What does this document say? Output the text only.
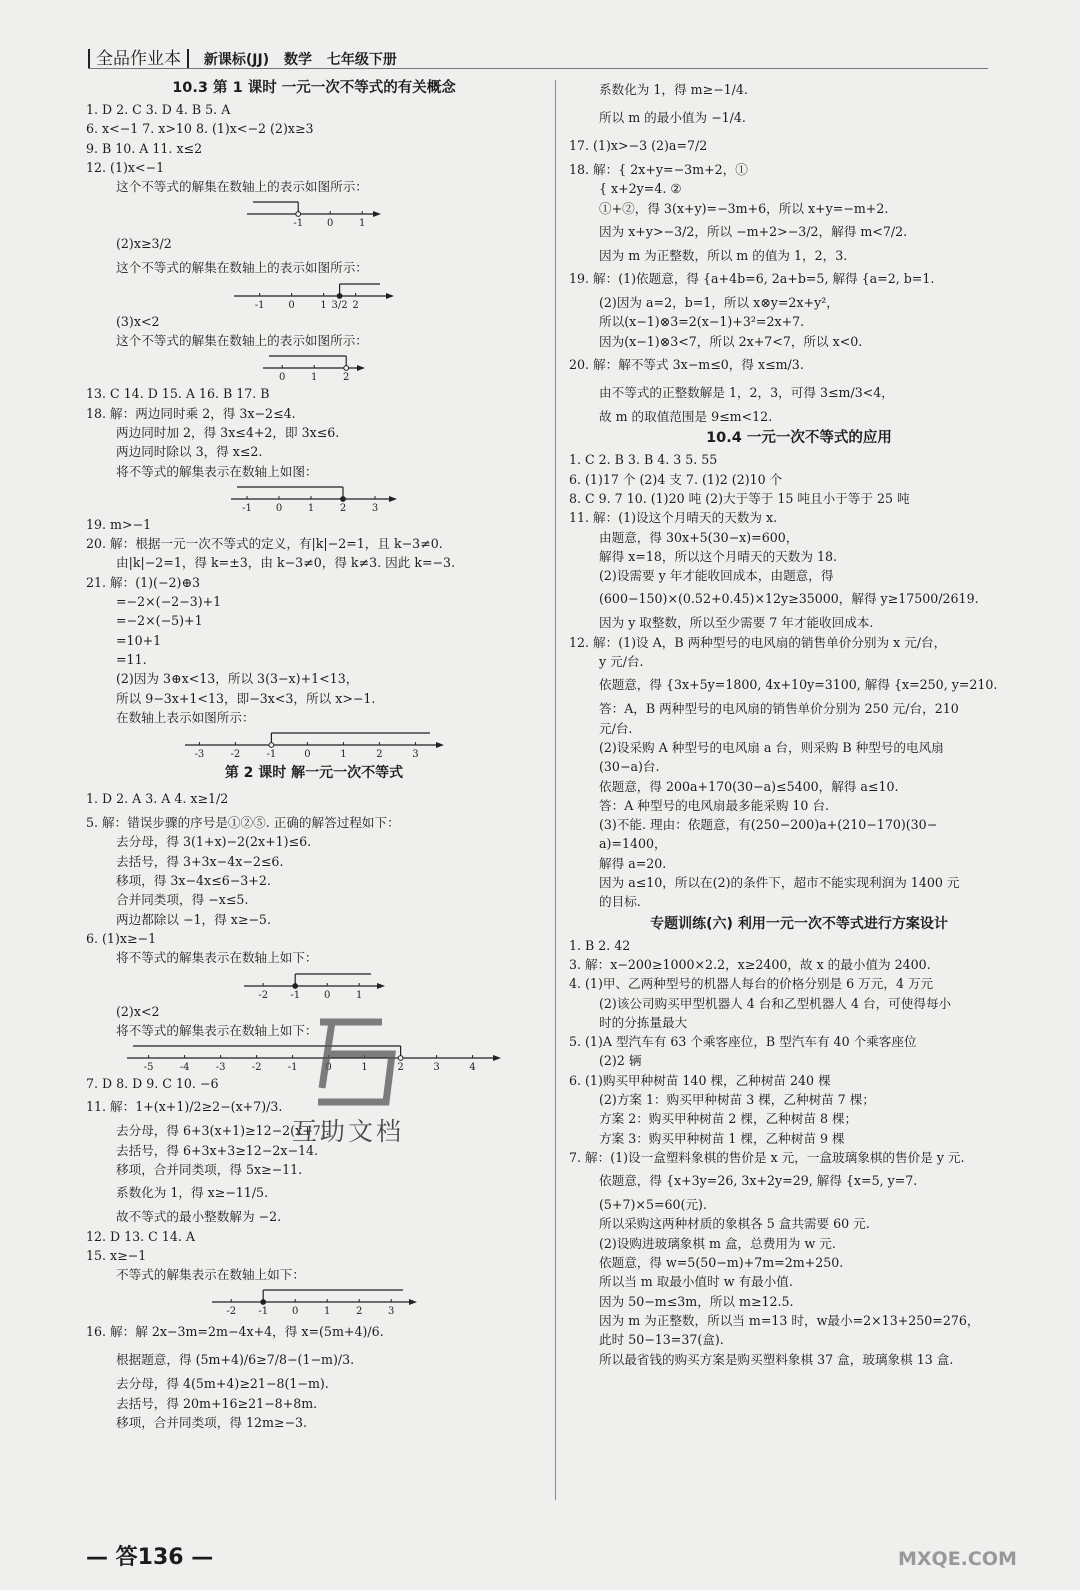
全品作业本 新课标(JJ) 数学 七年级下册
10.3 第 1 课时 一元一次不等式的有关概念
1. D 2. C 3. D 4. B 5. A
6. x<−1 7. x>10 8. (1)x<−2 (2)x≥3
9. B 10. A 11. x≤2
12. (1)x<−1
这个不等式的解集在数轴上的表示如图所示：
-1 0	1
(2)x≥3/2
这个不等式的解集在数轴上的表示如图所示：
-1 0	1 3/2 2
(3)x<2
这个不等式的解集在数轴上的表示如图所示：
0	1	2
13. C 14. D 15. A 16. B 17. B
18. 解：两边同时乘 2，得 3x−2≤4.
两边同时加 2，得 3x≤4+2，即 3x≤6.
两边同时除以 3，得 x≤2.
将不等式的解集表示在数轴上如图：
-1 0	1	2	3
19. m>−1
20. 解：根据一元一次不等式的定义，有|k|−2=1，且 k−3≠0.
由|k|−2=1，得 k=±3，由 k−3≠0，得 k≠3. 因此 k=−3.
21. 解：(1)(−2)⊕3
=−2×(−2−3)+1
=−2×(−5)+1
=10+1
=11.
(2)因为 3⊕x<13，所以 3(3−x)+1<13，
所以 9−3x+1<13，即−3x<3，所以 x>−1.
在数轴上表示如图所示：
-3	-2	-1	0	1	2	3
第 2 课时 解一元一次不等式
1. D 2. A 3. A 4. x≥1/2
5. 解：错误步骤的序号是①②⑤. 正确的解答过程如下：
去分母，得 3(1+x)−2(2x+1)≤6.
去括号，得 3+3x−4x−2≤6.
移项，得 3x−4x≤6−3+2.
合并同类项，得 −x≤5.
两边都除以 −1，得 x≥−5.
6. (1)x≥−1
将不等式的解集表示在数轴上如下：
-2 -1 0	1
(2)x<2
将不等式的解集表示在数轴上如下：
-5	-4	-3	-2	-1	0	1	2	3	4
7. D 8. D 9. C 10. −6
11. 解：1+(x+1)/2≥2−(x+7)/3.
去分母，得 6+3(x+1)≥12−2(x+7).
去括号，得 6+3x+3≥12−2x−14.
移项，合并同类项，得 5x≥−11.
系数化为 1，得 x≥−11/5.
故不等式的最小整数解为 −2.
12. D 13. C 14. A
15. x≥−1
不等式的解集表示在数轴上如下：
-2 -1 0	1	2	3
16. 解：解 2x−3m=2m−4x+4，得 x=(5m+4)/6.
根据题意，得 (5m+4)/6≥7/8−(1−m)/3.
去分母，得 4(5m+4)≥21−8(1−m).
去括号，得 20m+16≥21−8+8m.
移项，合并同类项，得 12m≥−3.
系数化为 1，得 m≥−1/4.
所以 m 的最小值为 −1/4.
17. (1)x>−3 (2)a=7/2
18. 解：{ 2x+y=−3m+2，①
{ x+2y=4. ②
①+②，得 3(x+y)=−3m+6，所以 x+y=−m+2.
因为 x+y>−3/2，所以 −m+2>−3/2，解得 m<7/2.
因为 m 为正整数，所以 m 的值为 1，2，3.
19. 解：(1)依题意，得 {a+4b=6, 2a+b=5, 解得 {a=2, b=1.
(2)因为 a=2，b=1，所以 x⊗y=2x+y²，
所以(x−1)⊗3=2(x−1)+3²=2x+7.
因为(x−1)⊗3<7，所以 2x+7<7，所以 x<0.
20. 解：解不等式 3x−m≤0，得 x≤m/3.
由不等式的正整数解是 1，2，3，可得 3≤m/3<4，
故 m 的取值范围是 9≤m<12.
10.4 一元一次不等式的应用
1. C 2. B 3. B 4. 3 5. 55
6. (1)17 个 (2)4 支 7. (1)2 (2)10 个
8. C 9. 7 10. (1)20 吨 (2)大于等于 15 吨且小于等于 25 吨
11. 解：(1)设这个月晴天的天数为 x.
由题意，得 30x+5(30−x)=600，
解得 x=18，所以这个月晴天的天数为 18.
(2)设需要 y 年才能收回成本，由题意，得
(600−150)×(0.52+0.45)×12y≥35000，解得 y≥17500/2619.
因为 y 取整数，所以至少需要 7 年才能收回成本.
12. 解：(1)设 A，B 两种型号的电风扇的销售单价分别为 x 元/台，
y 元/台.
依题意，得 {3x+5y=1800, 4x+10y=3100, 解得 {x=250, y=210.
答：A，B 两种型号的电风扇的销售单价分别为 250 元/台，210
元/台.
(2)设采购 A 种型号的电风扇 a 台，则采购 B 种型号的电风扇
(30−a)台.
依题意，得 200a+170(30−a)≤5400，解得 a≤10.
答：A 种型号的电风扇最多能采购 10 台.
(3)不能. 理由：依题意，有(250−200)a+(210−170)(30−
a)=1400，
解得 a=20.
因为 a≤10，所以在(2)的条件下，超市不能实现利润为 1400 元
的目标.
专题训练(六) 利用一元一次不等式进行方案设计
1. B 2. 42
3. 解：x−200≥1000×2.2，x≥2400，故 x 的最小值为 2400.
4. (1)甲、乙两种型号的机器人每台的价格分别是 6 万元，4 万元
(2)该公司购买甲型机器人 4 台和乙型机器人 4 台，可使得每小
时的分拣量最大
5. (1)A 型汽车有 63 个乘客座位，B 型汽车有 40 个乘客座位
(2)2 辆
6. (1)购买甲种树苗 140 棵，乙种树苗 240 棵
(2)方案 1：购买甲种树苗 3 棵，乙种树苗 7 棵；
方案 2：购买甲种树苗 2 棵，乙种树苗 8 棵；
方案 3：购买甲种树苗 1 棵，乙种树苗 9 棵
7. 解：(1)设一盒塑料象棋的售价是 x 元，一盒玻璃象棋的售价是 y 元.
依题意，得 {x+3y=26, 3x+2y=29, 解得 {x=5, y=7.
(5+7)×5=60(元).
所以采购这两种材质的象棋各 5 盒共需要 60 元.
(2)设购进玻璃象棋 m 盒，总费用为 w 元.
依题意，得 w=5(50−m)+7m=2m+250.
所以当 m 取最小值时 w 有最小值.
因为 50−m≤3m，所以 m≥12.5.
因为 m 为正整数，所以当 m=13 时，w最小=2×13+250=276，
此时 50−13=37(盒).
所以最省钱的购买方案是购买塑料象棋 37 盒，玻璃象棋 13 盒.
互助文档
— 答136 —	MXQE.COM
